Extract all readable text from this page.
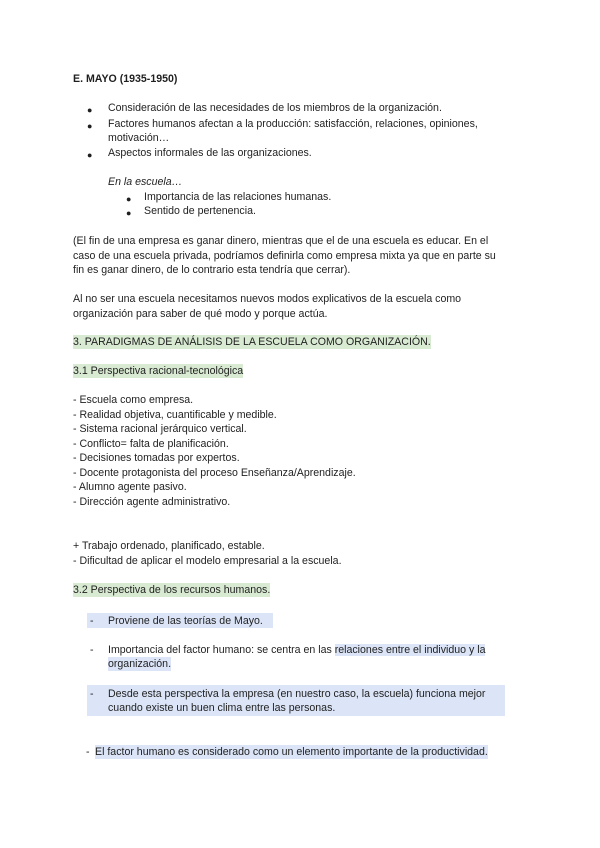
E. MAYO (1935-1950)
● Consideración de las necesidades de los miembros de la organización.
● Factores humanos afectan a la producción: satisfacción, relaciones, opiniones,
motivación…
● Aspectos informales de las organizaciones.
En la escuela…
● Importancia de las relaciones humanas.
● Sentido de pertenencia.
(El fin de una empresa es ganar dinero, mientras que el de una escuela es educar. En el
caso de una escuela privada, podríamos definirla como empresa mixta ya que en parte su
fin es ganar dinero, de lo contrario esta tendría que cerrar).
Al no ser una escuela necesitamos nuevos modos explicativos de la escuela como
organización para saber de qué modo y porque actúa.
3. PARADIGMAS DE ANÁLISIS DE LA ESCUELA COMO ORGANIZACIÓN.
3.1 Perspectiva racional-tecnológica
- Escuela como empresa.
- Realidad objetiva, cuantificable y medible.
- Sistema racional jerárquico vertical.
- Conflicto= falta de planificación.
- Decisiones tomadas por expertos.
- Docente protagonista del proceso Enseñanza/Aprendizaje.
- Alumno agente pasivo.
- Dirección agente administrativo.
+ Trabajo ordenado, planificado, estable.
- Dificultad de aplicar el modelo empresarial a la escuela.
3.2 Perspectiva de los recursos humanos.
- Proviene de las teorías de Mayo.
- Importancia del factor humano: se centra en las relaciones entre el individuo y la
organización.
- Desde esta perspectiva la empresa (en nuestro caso, la escuela) funciona mejor
cuando existe un buen clima entre las personas.
- El factor humano es considerado como un elemento importante de la productividad.
